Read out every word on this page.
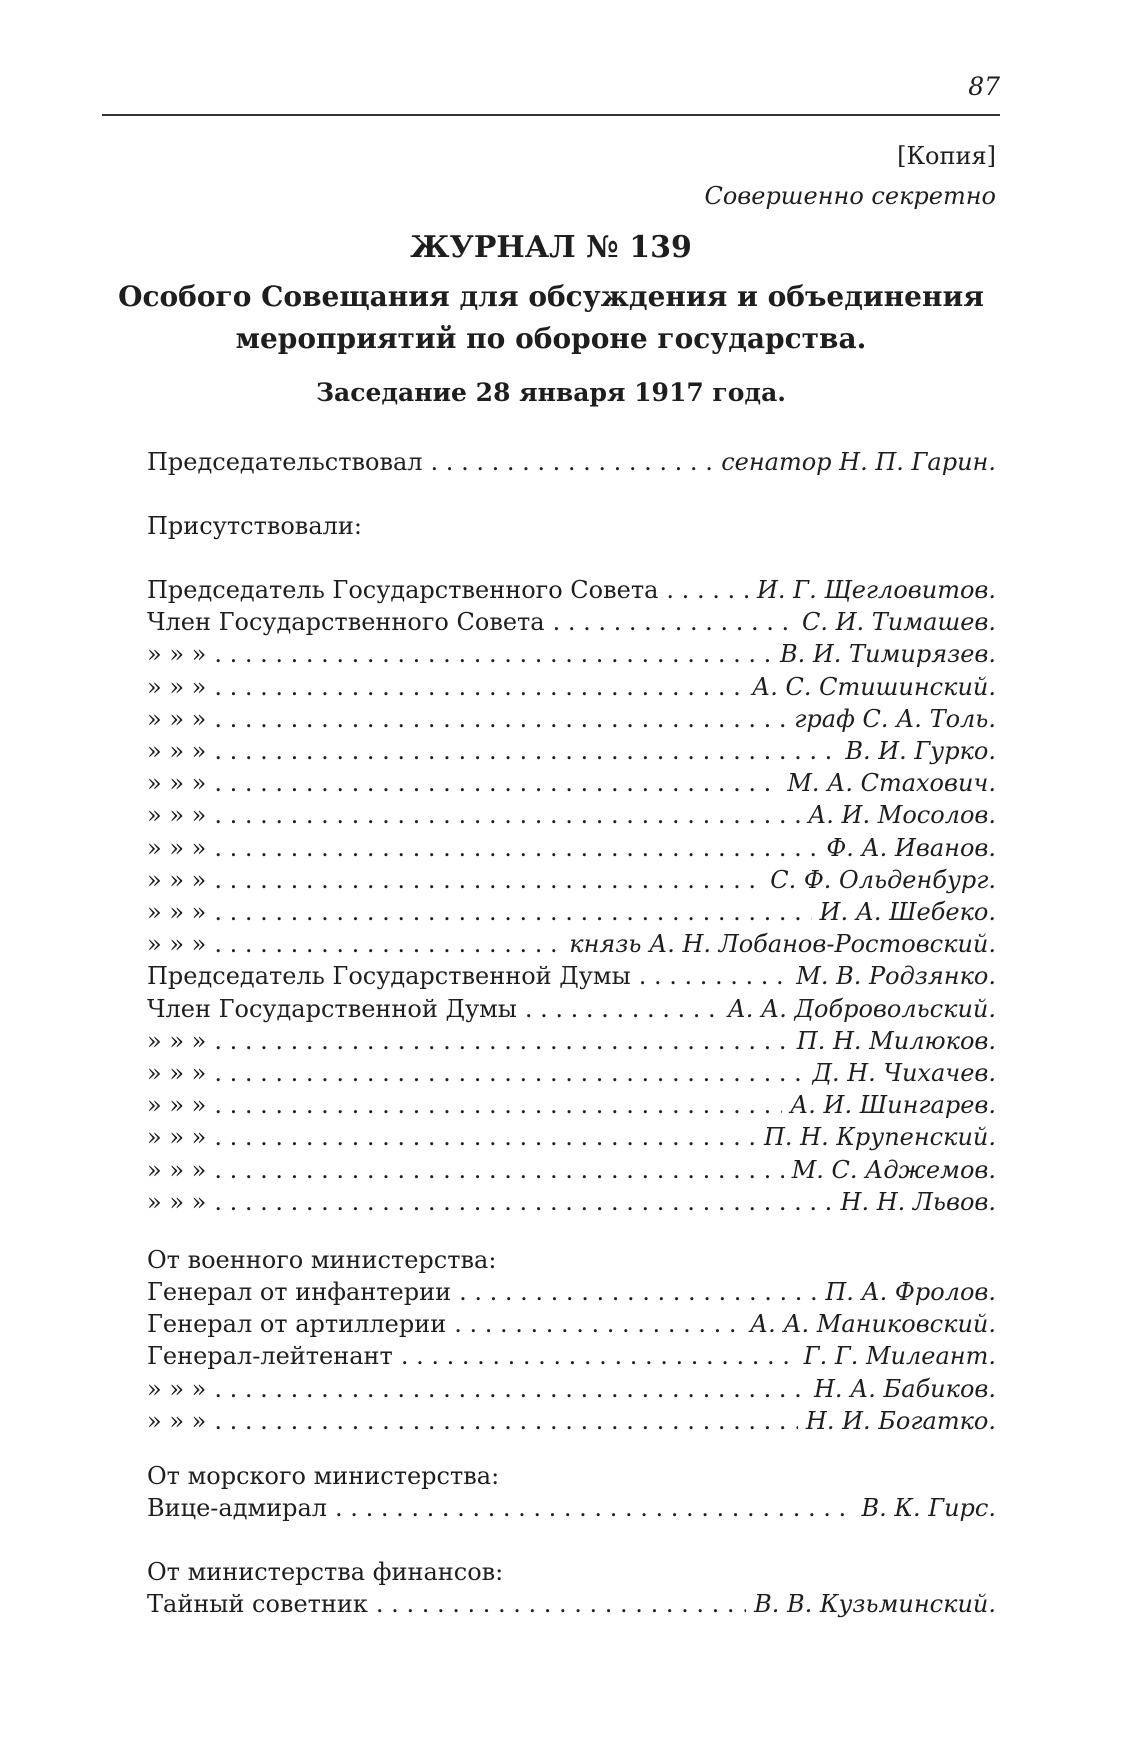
87
[Копия]
Совершенно секретно
ЖУРНАЛ № 139
Особого Совещания для обсуждения и объединения
мероприятий по обороне государства.
Заседание 28 января 1917 года.
Председательствовал . . .	сенатор Н. П. Гарин.
Присутствовали:
Председатель Государственного Совета . . .	И. Г. Щегловитов.
Член Государственного Совета . . .	С. И. Тимашев.
» » » . . .	В. И. Тимирязев.
» » » . . .	А. С. Стишинский.
» » » . . .	граф С. А. Толь.
» » » . . .	В. И. Гурко.
» » » . . .	М. А. Стахович.
» » » . . .	А. И. Мосолов.
» » » . . .	Ф. А. Иванов.
» » » . . .	С. Ф. Ольденбург.
» » » . . .	И. А. Шебеко.
» » » . . .	князь А. Н. Лобанов-Ростовский.
Председатель Государственной Думы . . .	М. В. Родзянко.
Член Государственной Думы . . .	А. А. Добровольский.
» » » . . .	П. Н. Милюков.
» » » . . .	Д. Н. Чихачев.
» » » . . .	А. И. Шингарев.
» » » . . .	П. Н. Крупенский.
» » » . . .	М. С. Аджемов.
» » » . . .	Н. Н. Львов.
От военного министерства:
Генерал от инфантерии . . .	П. А. Фролов.
Генерал от артиллерии . . .	А. А. Маниковский.
Генерал-лейтенант . . .	Г. Г. Милеант.
» » » . . .	Н. А. Бабиков.
» » » . . .	Н. И. Богатко.
От морского министерства:
Вице-адмирал . . .	В. К. Гирс.
От министерства финансов:
Тайный советник . . .	В. В. Кузьминский.
